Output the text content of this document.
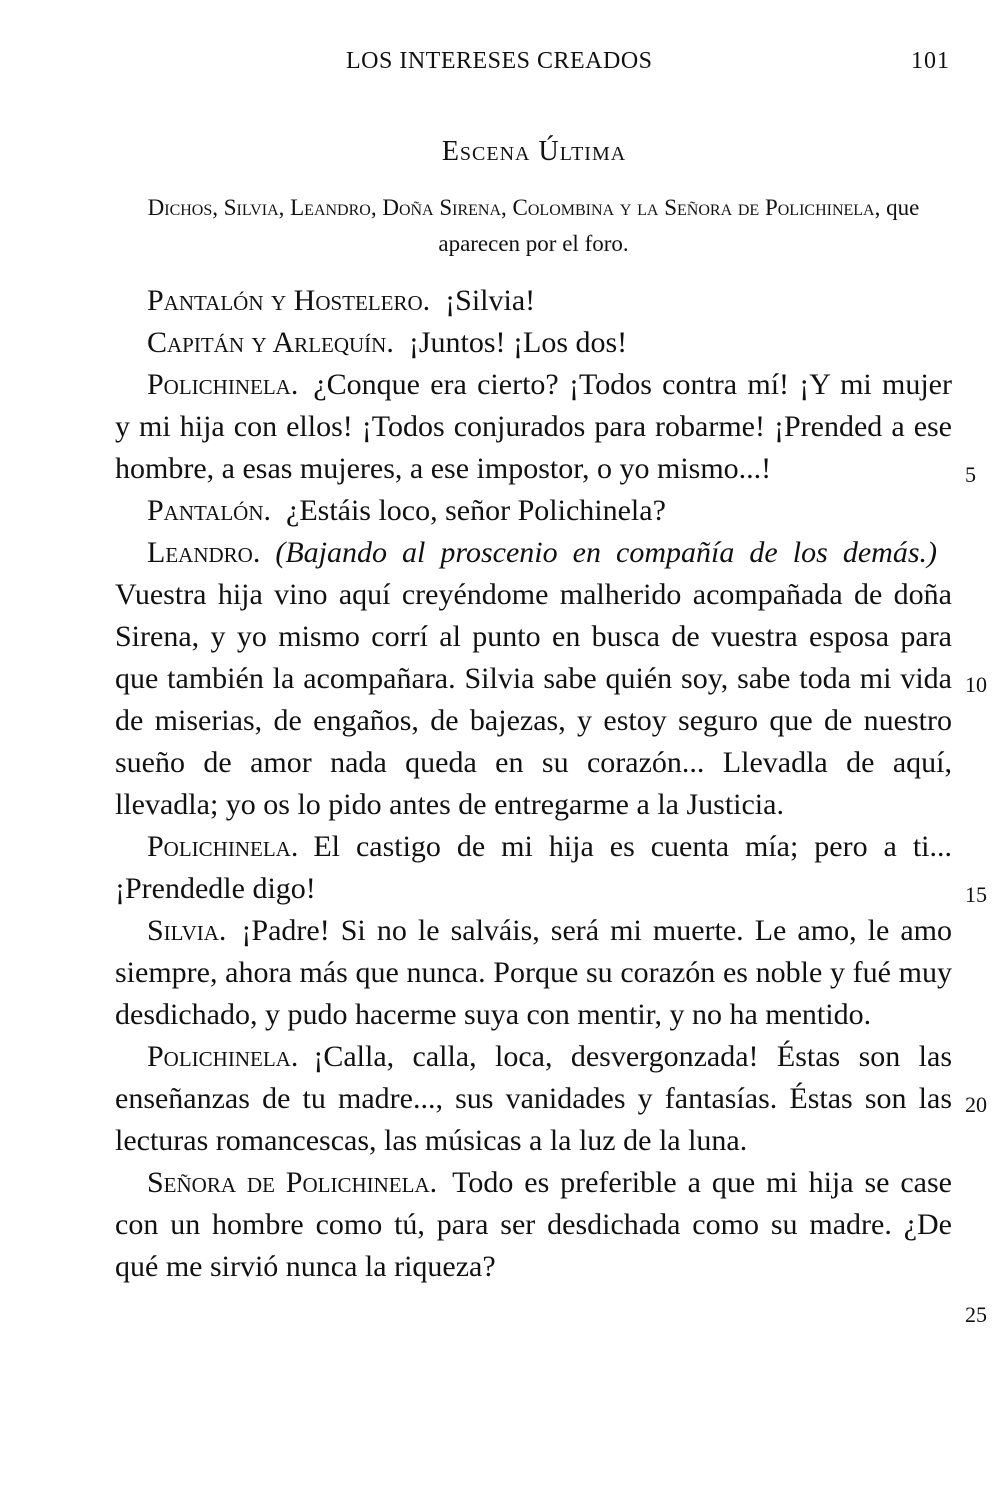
LOS INTERESES CREADOS	101
Escena Última
Dichos, Silvia, Leandro, Doña Sirena, Colombina y la Señora de Polichinela, que aparecen por el foro.

Pantalón y Hostelero.  ¡Silvia!

Capitán y Arlequín.  ¡Juntos! ¡Los dos!

Polichinela.  ¿Conque era cierto? ¡Todos contra mí! ¡Y mi mujer y mi hija con ellos! ¡Todos conjurados para robarme! ¡Prended a ese hombre, a esas mujeres, a ese impostor, o yo mismo...!

Pantalón.  ¿Estáis loco, señor Polichinela?

Leandro.  (Bajando al proscenio en compañía de los demás.) Vuestra hija vino aquí creyéndome malherido acompañada de doña Sirena, y yo mismo corrí al punto en busca de vuestra esposa para que también la acompañara. Silvia sabe quién soy, sabe toda mi vida de miserias, de engaños, de bajezas, y estoy seguro que de nuestro sueño de amor nada queda en su corazón... Llevadla de aquí, llevadla; yo os lo pido antes de entregarme a la Justicia.

Polichinela.  El castigo de mi hija es cuenta mía; pero a ti... ¡Prendedle digo!

Silvia.  ¡Padre! Si no le salváis, será mi muerte. Le amo, le amo siempre, ahora más que nunca. Porque su corazón es noble y fué muy desdichado, y pudo hacerme suya con mentir, y no ha mentido.

Polichinela.  ¡Calla, calla, loca, desvergonzada! Éstas son las enseñanzas de tu madre..., sus vanidades y fantasías. Éstas son las lecturas romancescas, las músicas a la luz de la luna.

Señora de Polichinela.  Todo es preferible a que mi hija se case con un hombre como tú, para ser desdichada como su madre. ¿De qué me sirvió nunca la riqueza?

5
10
15
20
25
